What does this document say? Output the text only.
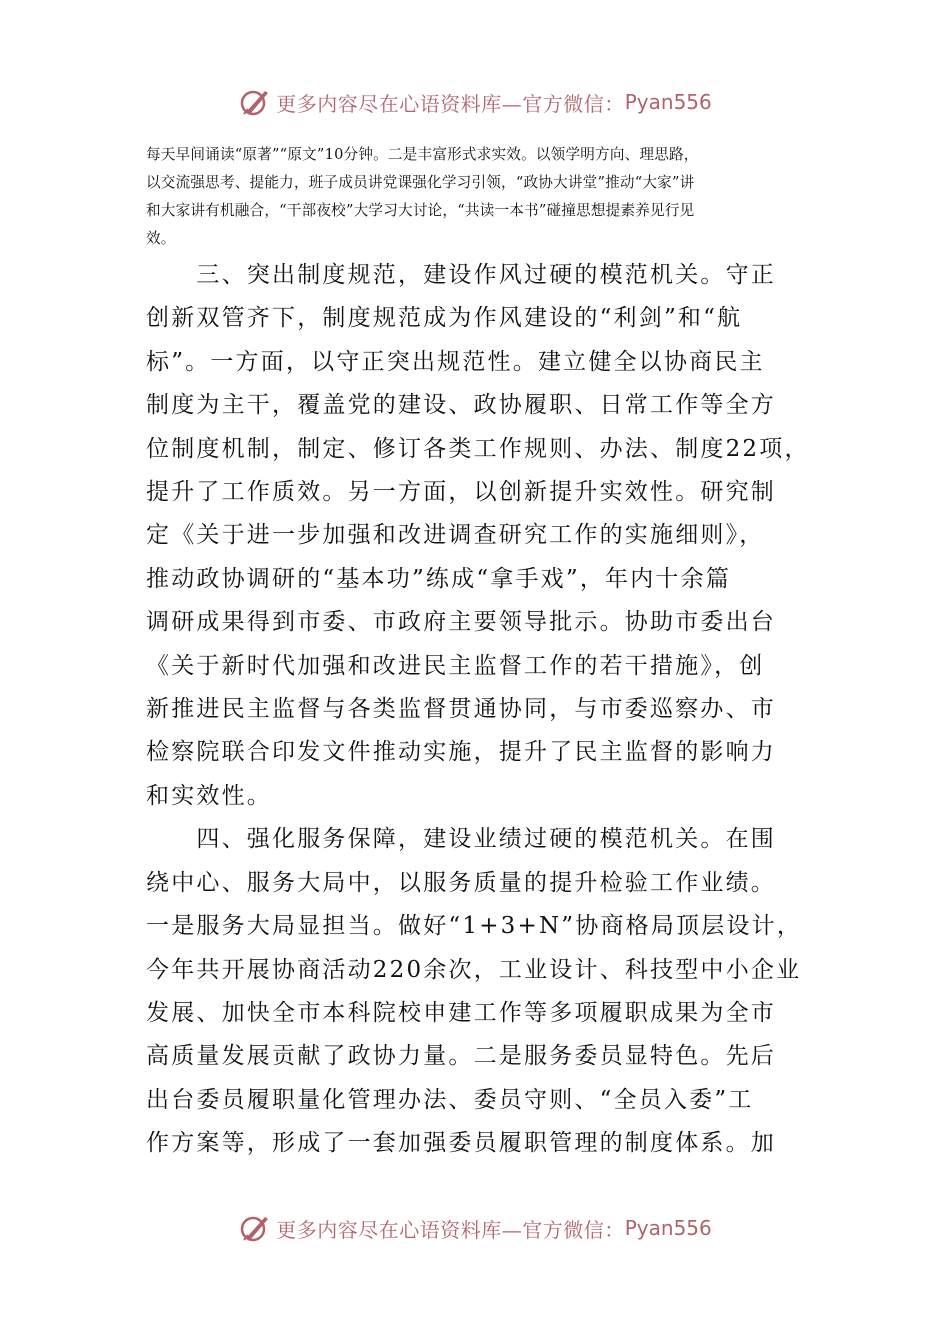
更多内容尽在心语资料库—官方微信： Pyan556

每天早间诵读“原著”“原文”10分钟。二是丰富形式求实效。以领学明方向、理思路，

以交流强思考、提能力，班子成员讲党课强化学习引领，“政协大讲堂”推动“大家”讲

和大家讲有机融合，“干部夜校”大学习大讨论，“共读一本书”碰撞思想提素养见行见

效。

　　三、突出制度规范，建设作风过硬的模范机关。守正

创新双管齐下，制度规范成为作风建设的“利剑”和“航

标”。一方面，以守正突出规范性。建立健全以协商民主

制度为主干，覆盖党的建设、政协履职、日常工作等全方

位制度机制，制定、修订各类工作规则、办法、制度22项，

提升了工作质效。另一方面，以创新提升实效性。研究制

定《关于进一步加强和改进调查研究工作的实施细则》，

推动政协调研的“基本功”练成“拿手戏”，年内十余篇

调研成果得到市委、市政府主要领导批示。协助市委出台

《关于新时代加强和改进民主监督工作的若干措施》，创

新推进民主监督与各类监督贯通协同，与市委巡察办、市

检察院联合印发文件推动实施，提升了民主监督的影响力

和实效性。

　　四、强化服务保障，建设业绩过硬的模范机关。在围

绕中心、服务大局中，以服务质量的提升检验工作业绩。

一是服务大局显担当。做好“1+3+N”协商格局顶层设计，

今年共开展协商活动220余次，工业设计、科技型中小企业

发展、加快全市本科院校申建工作等多项履职成果为全市

高质量发展贡献了政协力量。二是服务委员显特色。先后

出台委员履职量化管理办法、委员守则、“全员入委”工

作方案等，形成了一套加强委员履职管理的制度体系。加

更多内容尽在心语资料库—官方微信： Pyan556
